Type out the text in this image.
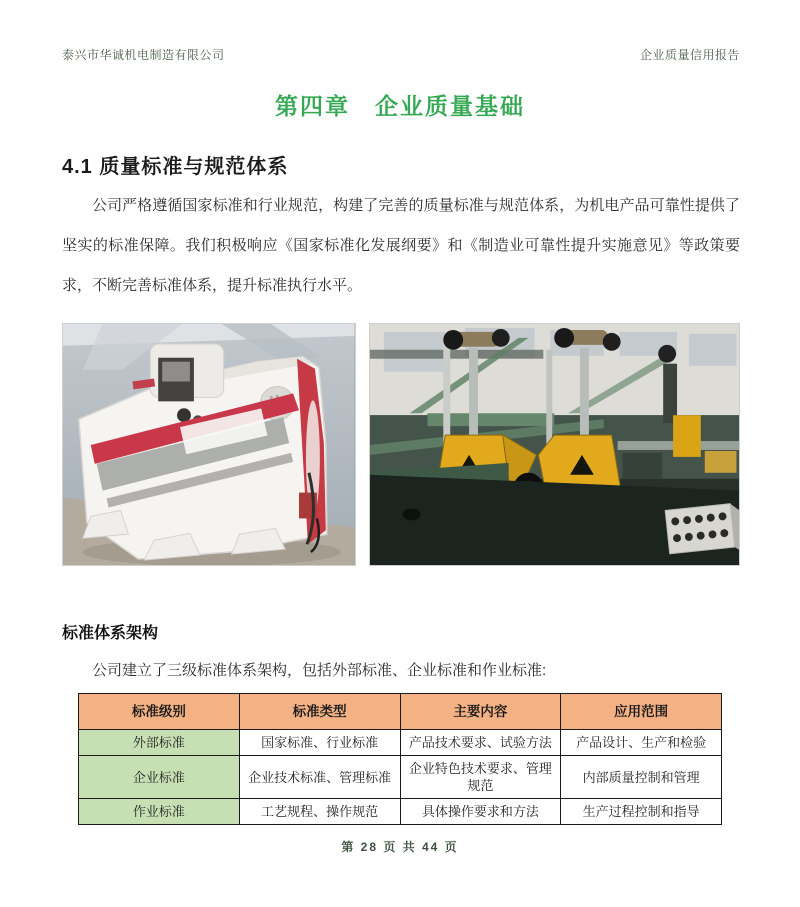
泰兴市华诚机电制造有限公司	企业质量信用报告
第四章　企业质量基础
4.1 质量标准与规范体系

公司严格遵循国家标准和行业规范，构建了完善的质量标准与规范体系，为机电产品可靠性提供了坚实的标准保障。我们积极响应《国家标准化发展纲要》和《制造业可靠性提升实施意见》等政策要求，不断完善标准体系，提升标准执行水平。

标准体系架构

公司建立了三级标准体系架构，包括外部标准、企业标准和作业标准:

标准级别	标准类型	主要内容	应用范围
外部标准	国家标准、行业标准	产品技术要求、试验方法	产品设计、生产和检验
企业标准	企业技术标准、管理标准	企业特色技术要求、管理规范	内部质量控制和管理
作业标准	工艺规程、操作规范	具体操作要求和方法	生产过程控制和指导
第 28 页 共 44 页
